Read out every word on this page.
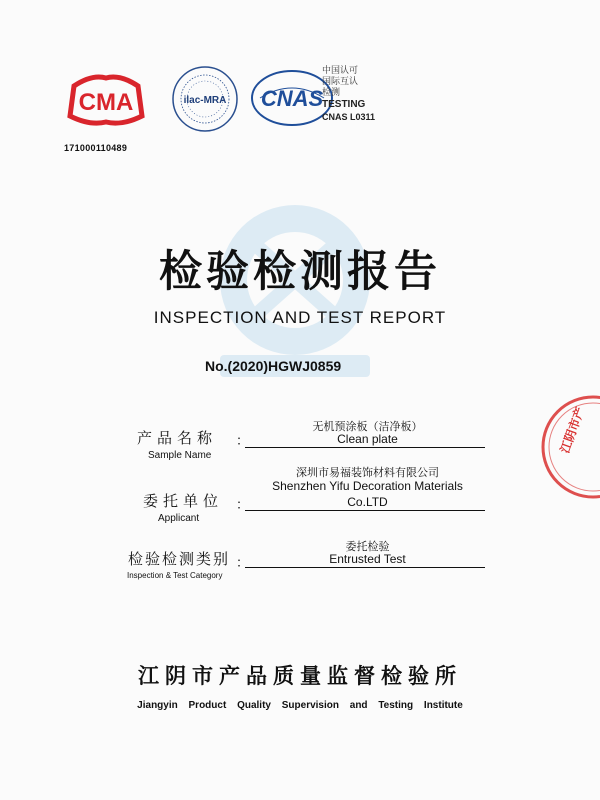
CMA	ilac-MRA CNAS
中国认可
国际互认
检测
TESTING
CNAS L0311
171000110489
检验检测报告
INSPECTION AND TEST REPORT
No.(2020)HGWJ0859
产品名称
Sample Name
：
无机预涂板（洁净板）
Clean plate
委托单位
Applicant
：
深圳市易福装饰材料有限公司
Shenzhen Yifu Decoration Materials
Co.LTD
检验检测类别
Inspection & Test Category
：
委托检验
Entrusted Test
江阴市产品质量监督检验所
Jiangyin Product Quality Supervision and Testing Institute
江阴市产
